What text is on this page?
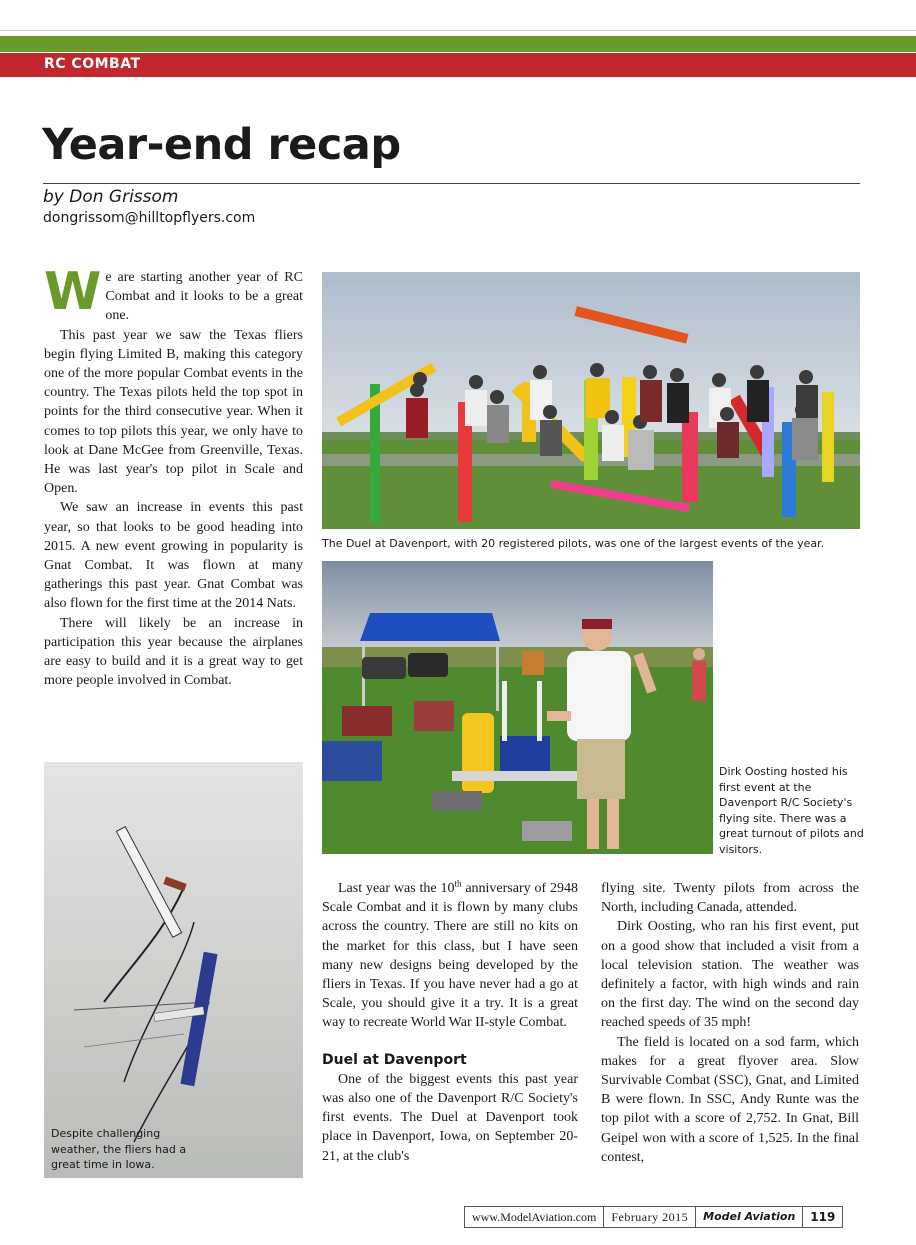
RC COMBAT
Year-end recap
by Don Grissom
dongrissom@hilltopflyers.com

We are starting another year of RC Combat and it looks to be a great one.

This past year we saw the Texas fliers begin flying Limited B, making this category one of the more popular Combat events in the country. The Texas pilots held the top spot in points for the third consecutive year. When it comes to top pilots this year, we only have to look at Dane McGee from Greenville, Texas. He was last year's top pilot in Scale and Open.

We saw an increase in events this past year, so that looks to be good heading into 2015. A new event growing in popularity is Gnat Combat. It was flown at many gatherings this past year. Gnat Combat was also flown for the first time at the 2014 Nats.

There will likely be an increase in participation this year because the airplanes are easy to build and it is a great way to get more people involved in Combat.

The Duel at Davenport, with 20 registered pilots, was one of the largest events of the year.
Dirk Oosting hosted his first event at the Davenport R/C Society's flying site. There was a great turnout of pilots and visitors.
Despite challenging weather, the fliers had a great time in Iowa.

Last year was the 10th anniversary of 2948 Scale Combat and it is flown by many clubs across the country. There are still no kits on the market for this class, but I have seen many new designs being developed by the fliers in Texas. If you have never had a go at Scale, you should give it a try. It is a great way to recreate World War II-style Combat.

Duel at Davenport

One of the biggest events this past year was also one of the Davenport R/C Society's first events. The Duel at Davenport took place in Davenport, Iowa, on September 20-21, at the club's

flying site. Twenty pilots from across the North, including Canada, attended.

Dirk Oosting, who ran his first event, put on a good show that included a visit from a local television station. The weather was definitely a factor, with high winds and rain on the first day. The wind on the second day reached speeds of 35 mph!

The field is located on a sod farm, which makes for a great flyover area. Slow Survivable Combat (SSC), Gnat, and Limited B were flown. In SSC, Andy Runte was the top pilot with a score of 2,752. In Gnat, Bill Geipel won with a score of 1,525. In the final contest,

www.ModelAviation.com	February 2015	Model Aviation	119
